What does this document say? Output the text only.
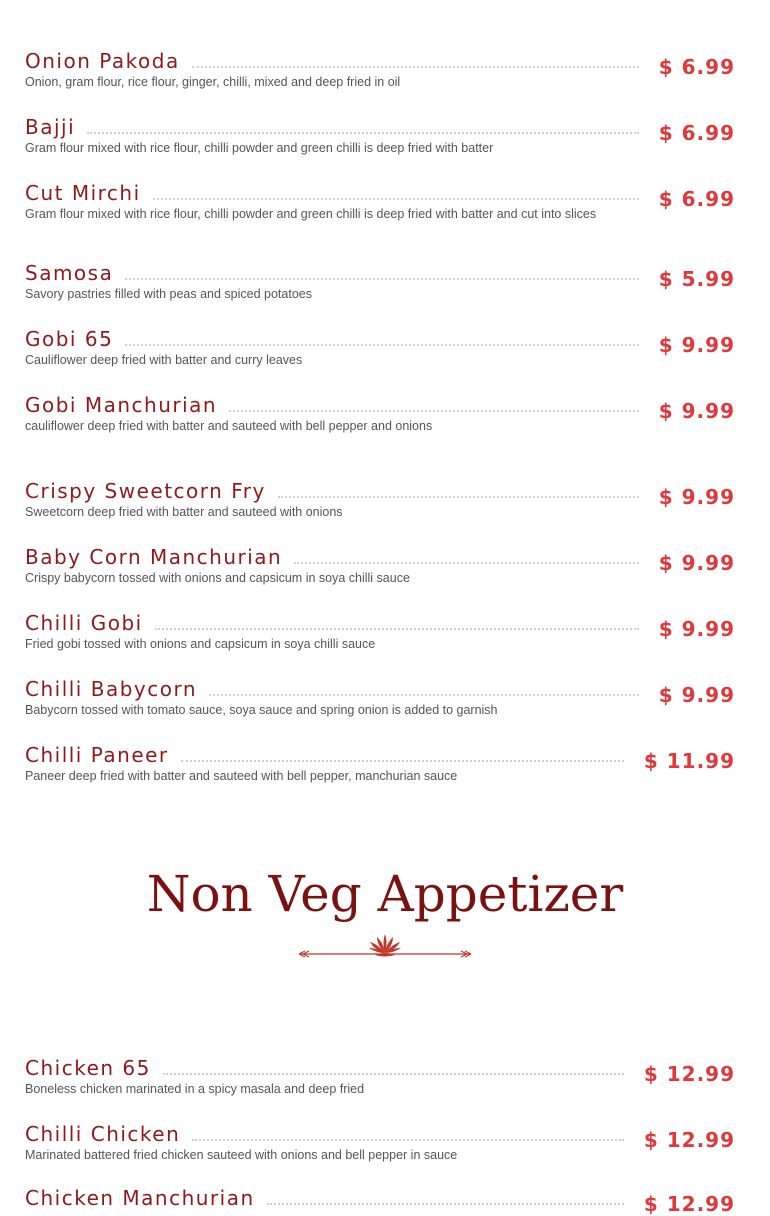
Onion Pakoda	$ 6.99
Onion, gram flour, rice flour, ginger, chilli, mixed and deep fried in oil
Bajji	$ 6.99
Gram flour mixed with rice flour, chilli powder and green chilli is deep fried with batter
Cut Mirchi	$ 6.99
Gram flour mixed with rice flour, chilli powder and green chilli is deep fried with batter and cut into slices
Samosa	$ 5.99
Savory pastries filled with peas and spiced potatoes
Gobi 65	$ 9.99
Cauliflower deep fried with batter and curry leaves
Gobi Manchurian	$ 9.99
cauliflower deep fried with batter and sauteed with bell pepper and onions
Crispy Sweetcorn Fry	$ 9.99
Sweetcorn deep fried with batter and sauteed with onions
Baby Corn Manchurian	$ 9.99
Crispy babycorn tossed with onions and capsicum in soya chilli sauce
Chilli Gobi	$ 9.99
Fried gobi tossed with onions and capsicum in soya chilli sauce
Chilli Babycorn	$ 9.99
Babycorn tossed with tomato sauce, soya sauce and spring onion is added to garnish
Chilli Paneer	$ 11.99
Paneer deep fried with batter and sauteed with bell pepper, manchurian sauce
Non Veg Appetizer
Chicken 65	$ 12.99
Boneless chicken marinated in a spicy masala and deep fried
Chilli Chicken	$ 12.99
Marinated battered fried chicken sauteed with onions and bell pepper in sauce
Chicken Manchurian	$ 12.99
